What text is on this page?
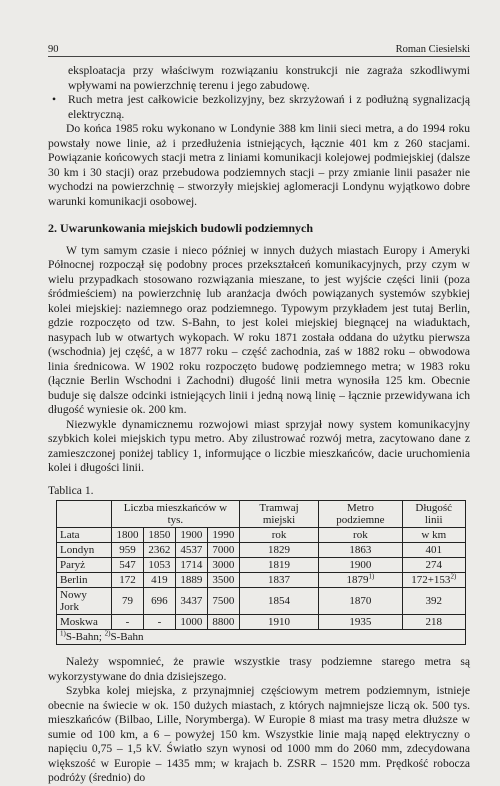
90	Roman Ciesielski

eksploatacja przy właściwym rozwiązaniu konstrukcji nie zagraża szkodliwymi wpływami na powierzchnię terenu i jego zabudowę.

• Ruch metra jest całkowicie bezkolizyjny, bez skrzyżowań i z podłużną sygnalizacją elektryczną.

Do końca 1985 roku wykonano w Londynie 388 km linii sieci metra, a do 1994 roku powstały nowe linie, aż i przedłużenia istniejących, łącznie 401 km z 260 stacjami. Powiązanie końcowych stacji metra z liniami komunikacji kolejowej podmiejskiej (dalsze 30 km i 30 stacji) oraz przebudowa podziemnych stacji – przy zmianie linii pasażer nie wychodzi na powierzchnię – stworzyły miejskiej aglomeracji Londynu wyjątkowo dobre warunki komunikacji osobowej.

2. Uwarunkowania miejskich budowli podziemnych

W tym samym czasie i nieco później w innych dużych miastach Europy i Ameryki Północnej rozpoczął się podobny proces przekształceń komunikacyjnych, przy czym w wielu przypadkach stosowano rozwiązania mieszane, to jest wyjście części linii (poza śródmieściem) na powierzchnię lub aranżacja dwóch powiązanych systemów szybkiej kolei miejskiej: naziemnego oraz podziemnego. Typowym przykładem jest tutaj Berlin, gdzie rozpoczęto od tzw. S-Bahn, to jest kolei miejskiej biegnącej na wiaduktach, nasypach lub w otwartych wykopach. W roku 1871 została oddana do użytku pierwsza (wschodnia) jej część, a w 1877 roku – część zachodnia, zaś w 1882 roku – obwodowa linia średnicowa. W 1902 roku rozpoczęto budowę podziemnego metra; w 1983 roku (łącznie Berlin Wschodni i Zachodni) długość linii metra wynosiła 125 km. Obecnie buduje się dalsze odcinki istniejących linii i jedną nową linię – łącznie przewidywana ich długość wyniesie ok. 200 km.

Niezwykle dynamicznemu rozwojowi miast sprzyjał nowy system komunikacyjny szybkich kolei miejskich typu metro. Aby zilustrować rozwój metra, zacytowano dane z zamieszczonej poniżej tablicy 1, informujące o liczbie mieszkańców, dacie uruchomienia kolei i długości linii.

Tablica 1.
	Liczba mieszkańców w tys.				Tramwaj miejski	Metro podziemne	Długość linii
Lata	1800	1850	1900	1990	rok	rok	w km
Londyn	959	2362	4537	7000	1829	1863	401
Paryż	547	1053	1714	3000	1819	1900	274
Berlin	172	419	1889	3500	1837	1879$^{1)}$	$172+153^{2)}$
Nowy Jork	79	696	3437	7500	1854	1870	392
Moskwa	-	-	1000	8800	1910	1935	218
$^{1)}$S-Bahn; $^{2)}$S-Bahn							

Należy wspomnieć, że prawie wszystkie trasy podziemne starego metra są wykorzystywane do dnia dzisiejszego.

Szybka kolej miejska, z przynajmniej częściowym metrem podziemnym, istnieje obecnie na świecie w ok. 150 dużych miastach, z których najmniejsze liczą ok. 500 tys. mieszkańców (Bilbao, Lille, Norymberga). W Europie 8 miast ma trasy metra dłuższe w sumie od 100 km, a 6 – powyżej 150 km. Wszystkie linie mają napęd elektryczny o napięciu 0,75 – 1,5 kV. Światło szyn wynosi od 1000 mm do 2060 mm, zdecydowana większość w Europie – 1435 mm; w krajach b. ZSRR – 1520 mm. Prędkość robocza podróży (średnio) do
